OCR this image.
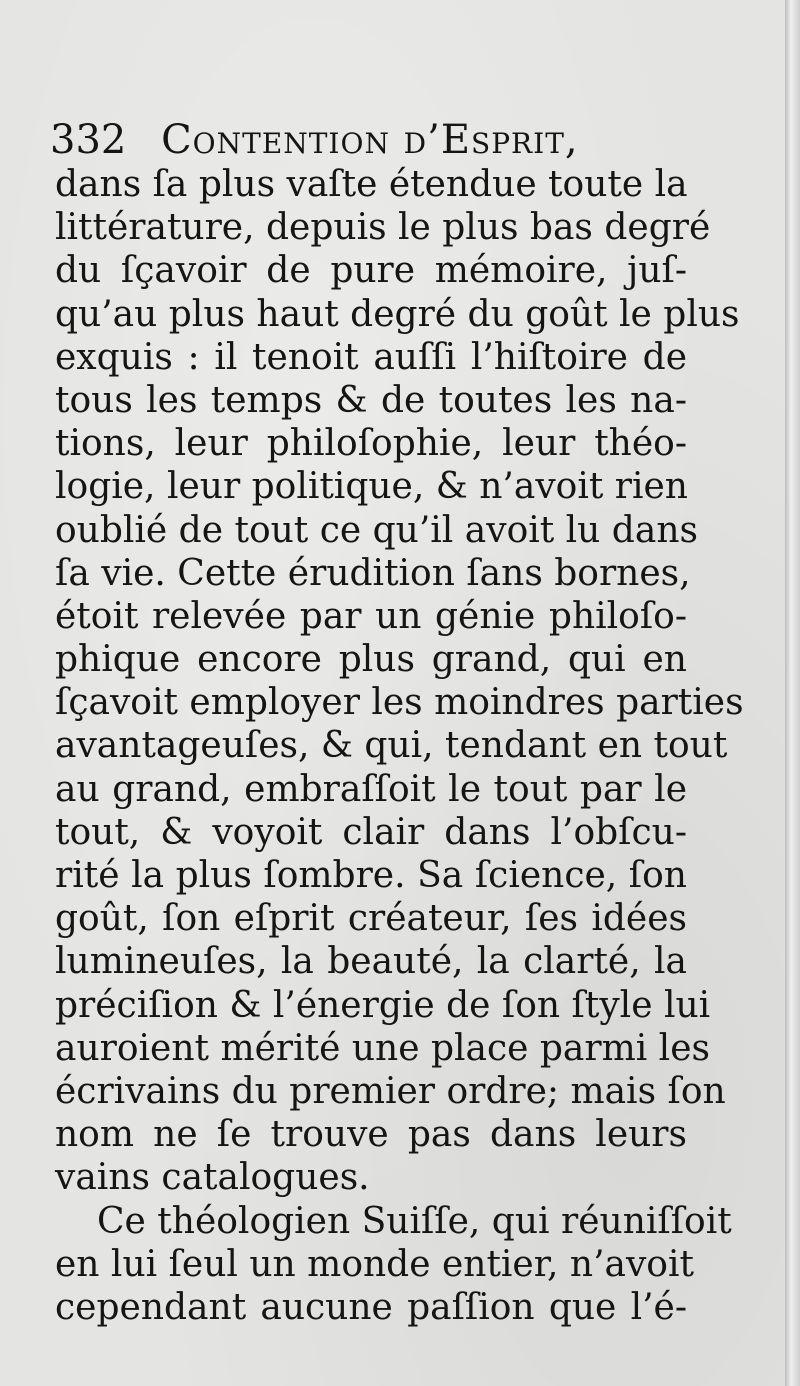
332 Contention d’Esprit,
dans ſa plus vaſte étendue toute la
littérature, depuis le plus bas degré
du ſçavoir de pure mémoire, juſ-
qu’au plus haut degré du goût le plus
exquis : il tenoit auſſi l’hiſtoire de
tous les temps & de toutes les na-
tions, leur philoſophie, leur théo-
logie, leur politique, & n’avoit rien
oublié de tout ce qu’il avoit lu dans
ſa vie. Cette érudition ſans bornes,
étoit relevée par un génie philoſo-
phique encore plus grand, qui en
ſçavoit employer les moindres parties
avantageuſes, & qui, tendant en tout
au grand, embraſſoit le tout par le
tout, & voyoit clair dans l’obſcu-
rité la plus ſombre. Sa ſcience, ſon
goût, ſon eſprit créateur, ſes idées
lumineuſes, la beauté, la clarté, la
préciſion & l’énergie de ſon ſtyle lui
auroient mérité une place parmi les
écrivains du premier ordre; mais ſon
nom ne ſe trouve pas dans leurs
vains catalogues.
Ce théologien Suiſſe, qui réuniſſoit
en lui ſeul un monde entier, n’avoit
cependant aucune paſſion que l’é-
